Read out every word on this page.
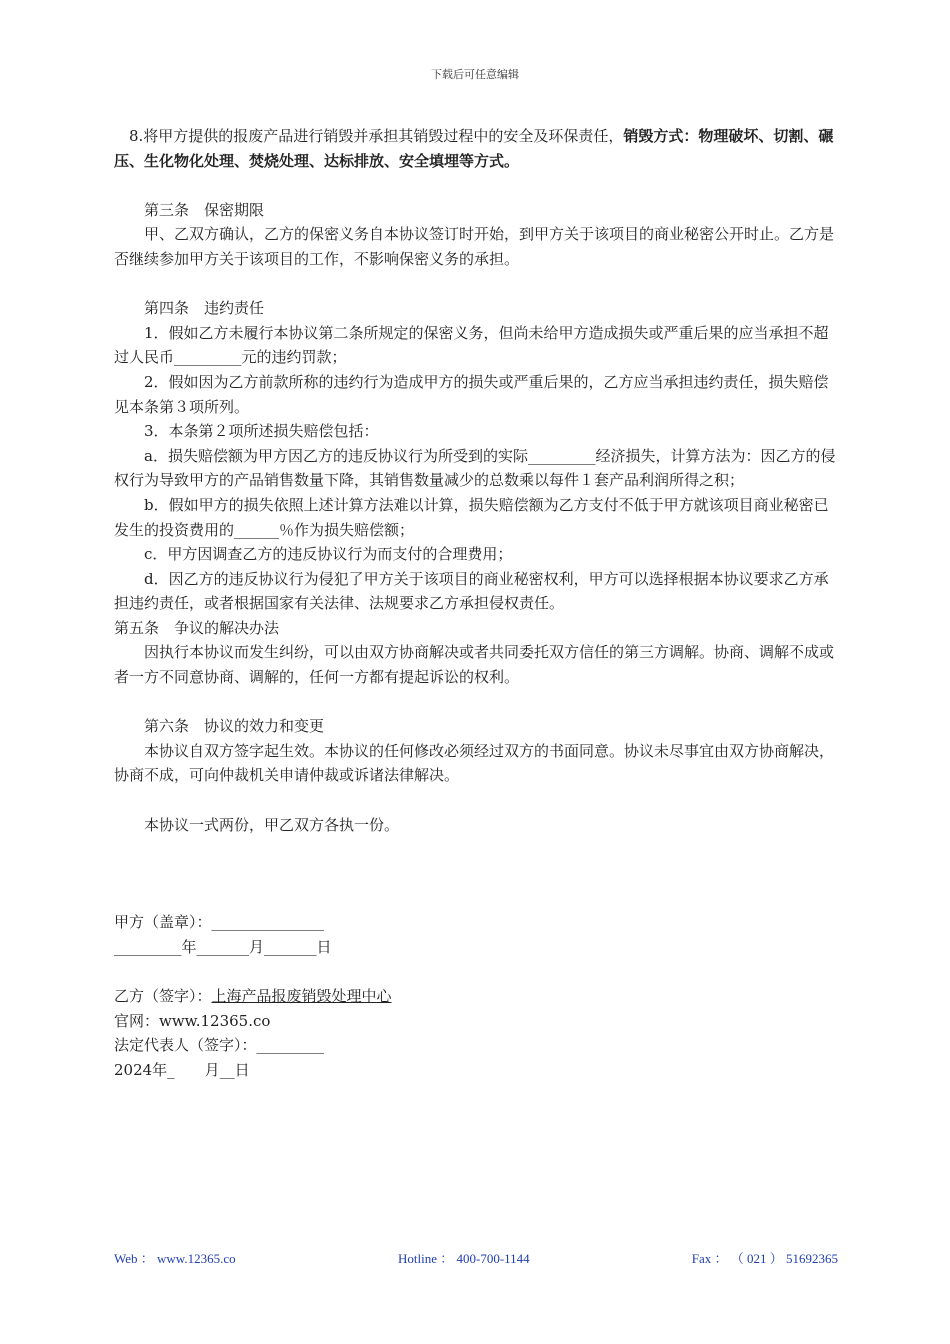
下载后可任意编辑

8.将甲方提供的报废产品进行销毁并承担其销毁过程中的安全及环保责任，销毁方式：物理破坏、切割、碾压、生化物化处理、焚烧处理、达标排放、安全填埋等方式。

第三条　保密期限

甲、乙双方确认，乙方的保密义务自本协议签订时开始，到甲方关于该项目的商业秘密公开时止。乙方是否继续参加甲方关于该项目的工作，不影响保密义务的承担。

第四条　违约责任

1．假如乙方未履行本协议第二条所规定的保密义务，但尚未给甲方造成损失或严重后果的应当承担不超过人民币_________元的违约罚款；

2．假如因为乙方前款所称的违约行为造成甲方的损失或严重后果的，乙方应当承担违约责任，损失赔偿见本条第３项所列。

3．本条第２项所述损失赔偿包括：

a．损失赔偿额为甲方因乙方的违反协议行为所受到的实际_________经济损失，计算方法为：因乙方的侵权行为导致甲方的产品销售数量下降，其销售数量减少的总数乘以每件１套产品利润所得之积；

b．假如甲方的损失依照上述计算方法难以计算，损失赔偿额为乙方支付不低于甲方就该项目商业秘密已发生的投资费用的______％作为损失赔偿额；

c．甲方因调查乙方的违反协议行为而支付的合理费用；

d．因乙方的违反协议行为侵犯了甲方关于该项目的商业秘密权利，甲方可以选择根据本协议要求乙方承担违约责任，或者根据国家有关法律、法规要求乙方承担侵权责任。

第五条　争议的解决办法

因执行本协议而发生纠纷，可以由双方协商解决或者共同委托双方信任的第三方调解。协商、调解不成或者一方不同意协商、调解的，任何一方都有提起诉讼的权利。

第六条　协议的效力和变更

本协议自双方签字起生效。本协议的任何修改必须经过双方的书面同意。协议未尽事宜由双方协商解决，协商不成，可向仲裁机关申请仲裁或诉诸法律解决。

本协议一式两份，甲乙双方各执一份。

甲方（盖章）：_______________

_________年_______月_______日

乙方（签字）：上海产品报废销毁处理中心

官网：www.12365.co

法定代表人（签字）：_________

2024年_　　月__日

Web ： www.12365.co	Hotline ： 400-700-1144	Fax ： （ 021 ） 51692365
